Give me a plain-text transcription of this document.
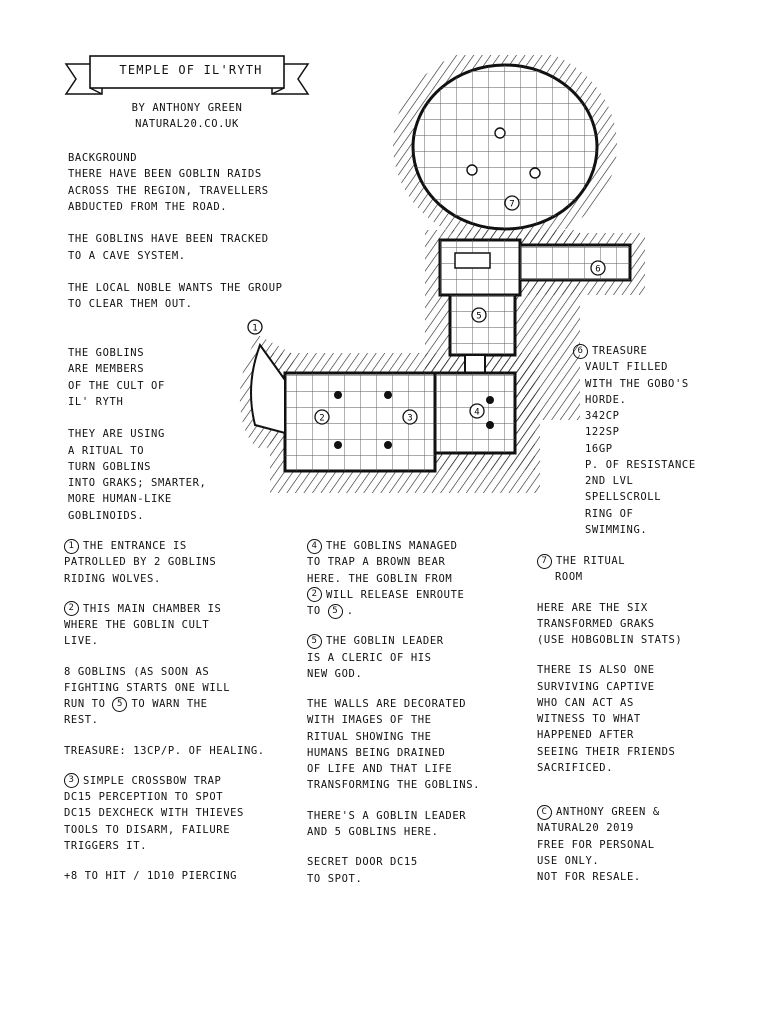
TEMPLE OF IL'RYTH
BY ANTHONY GREEN
NATURAL20.CO.UK
BACKGROUND
THERE HAVE BEEN GOBLIN RAIDS
ACROSS THE REGION, TRAVELLERS
ABDUCTED FROM THE ROAD.

THE GOBLINS HAVE BEEN TRACKED
TO A CAVE SYSTEM.

THE LOCAL NOBLE WANTS THE GROUP
TO CLEAR THEM OUT.
THE GOBLINS
ARE MEMBERS
OF THE CULT OF
IL' RYTH

THEY ARE USING
A RITUAL TO
TURN GOBLINS
INTO GRAKS; SMARTER,
MORE HUMAN-LIKE
GOBLINOIDS.
1
2	3
4
5
6
7
6 TREASURE
VAULT FILLED
WITH THE GOBO'S
HORDE.
342CP
122SP
16GP
P. OF RESISTANCE
2ND LVL
SPELLSCROLL
RING OF
SWIMMING.
1 THE ENTRANCE IS
PATROLLED BY 2 GOBLINS
RIDING WOLVES.
2 THIS MAIN CHAMBER IS
WHERE THE GOBLIN CULT
LIVE.
8 GOBLINS (AS SOON AS
FIGHTING STARTS ONE WILL
RUN TO 5 TO WARN THE
REST.
TREASURE: 13CP/P. OF HEALING.
3 SIMPLE CROSSBOW TRAP
DC15 PERCEPTION TO SPOT
DC15 DEXCHECK WITH THIEVES
TOOLS TO DISARM, FAILURE
TRIGGERS IT.
+8 TO HIT / 1D10 PIERCING
4 THE GOBLINS MANAGED
TO TRAP A BROWN BEAR
HERE. THE GOBLIN FROM
2 WILL RELEASE ENROUTE
TO 5 .
5 THE GOBLIN LEADER
IS A CLERIC OF HIS
NEW GOD.
THE WALLS ARE DECORATED
WITH IMAGES OF THE
RITUAL SHOWING THE
HUMANS BEING DRAINED
OF LIFE AND THAT LIFE
TRANSFORMING THE GOBLINS.
THERE'S A GOBLIN LEADER
AND 5 GOBLINS HERE.
SECRET DOOR DC15
TO SPOT.
7 THE RITUAL
ROOM
HERE ARE THE SIX
TRANSFORMED GRAKS
(USE HOBGOBLIN STATS)
THERE IS ALSO ONE
SURVIVING CAPTIVE
WHO CAN ACT AS
WITNESS TO WHAT
HAPPENED AFTER
SEEING THEIR FRIENDS
SACRIFICED.
C ANTHONY GREEN &
NATURAL20 2019
FREE FOR PERSONAL
USE ONLY.
NOT FOR RESALE.
